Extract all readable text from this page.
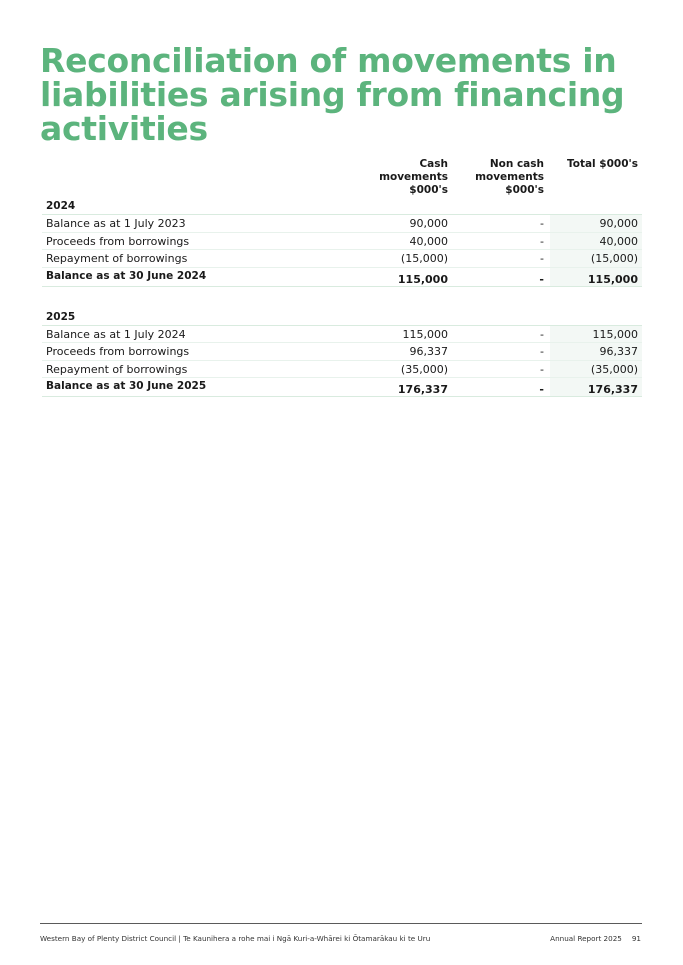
Reconciliation of movements in
liabilities arising from financing
activities
Cash
movements
$000's
Non cash
movements
$000's
Total $000's
2024
Balance as at 1 July 2023	90,000	-	90,000
Proceeds from borrowings	40,000	-	40,000
Repayment of borrowings	(15,000)	-	(15,000)
Balance as at 30 June 2024	115,000	-	115,000
2025
Balance as at 1 July 2024	115,000	-	115,000
Proceeds from borrowings	96,337	-	96,337
Repayment of borrowings	(35,000)	-	(35,000)
Balance as at 30 June 2025	176,337	-	176,337
Western Bay of Plenty District Council | Te Kaunihera a rohe mai i Ngā Kuri-a-Whārei ki Ōtamarākau ki te Uru	Annual Report 2025 91
